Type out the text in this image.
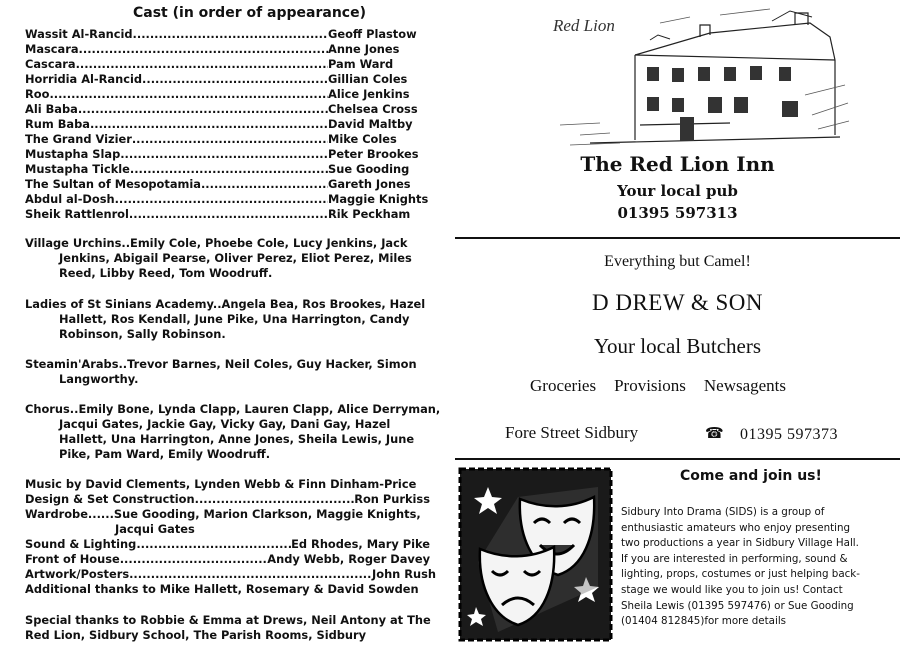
Cast (in order of appearance)
Wassit Al-Rancid .....	Geoff Plastow
Mascara .....	Anne Jones
Cascara .....	Pam Ward
Horridia Al-Rancid .....	Gillian Coles
Roo .....	Alice Jenkins
Ali Baba .....	Chelsea Cross
Rum Baba .....	David Maltby
The Grand Vizier .....	Mike Coles
Mustapha Slap .....	Peter Brookes
Mustapha Tickle .....	Sue Gooding
The Sultan of Mesopotamia .....	Gareth Jones
Abdul al-Dosh .....	Maggie Knights
Sheik Rattlenrol .....	Rik Peckham
Village Urchins..Emily Cole, Phoebe Cole, Lucy Jenkins, Jack
Jenkins, Abigail Pearse, Oliver Perez, Eliot Perez, Miles
Reed, Libby Reed, Tom Woodruff.
Ladies of St Sinians Academy..Angela Bea, Ros Brookes, Hazel
Hallett, Ros Kendall, June Pike, Una Harrington, Candy
Robinson, Sally Robinson.
Steamin'Arabs..Trevor Barnes, Neil Coles, Guy Hacker, Simon
Langworthy.
Chorus..Emily Bone, Lynda Clapp, Lauren Clapp, Alice Derryman,
Jacqui Gates, Jackie Gay, Vicky Gay, Dani Gay, Hazel
Hallett, Una Harrington, Anne Jones, Sheila Lewis, June
Pike, Pam Ward, Emily Woodruff.
Music by David Clements, Lynden Webb & Finn Dinham-Price
Design & Set Construction .....	Ron Purkiss
Wardrobe......Sue Gooding, Marion Clarkson, Maggie Knights,
Jacqui Gates
Sound & Lighting .....	Ed Rhodes, Mary Pike
Front of House .....	Andy Webb, Roger Davey
Artwork/Posters .....	John Rush
Additional thanks to Mike Hallett, Rosemary & David Sowden
Special thanks to Robbie & Emma at Drews, Neil Antony at The
Red Lion, Sidbury School, The Parish Rooms, Sidbury
Red Lion
The Red Lion Inn
Your local pub
01395 597313
Everything but Camel!
D DREW & SON
Your local Butchers
Groceries Provisions Newsagents
Fore Street Sidbury	☎ 01395 597373
Come and join us!
Sidbury Into Drama (SIDS) is a group of
enthusiastic amateurs who enjoy presenting
two productions a year in Sidbury Village Hall.
If you are interested in performing, sound &
lighting, props, costumes or just helping back-
stage we would like you to join us! Contact
Sheila Lewis (01395 597476) or Sue Gooding
(01404 812845)for more details
